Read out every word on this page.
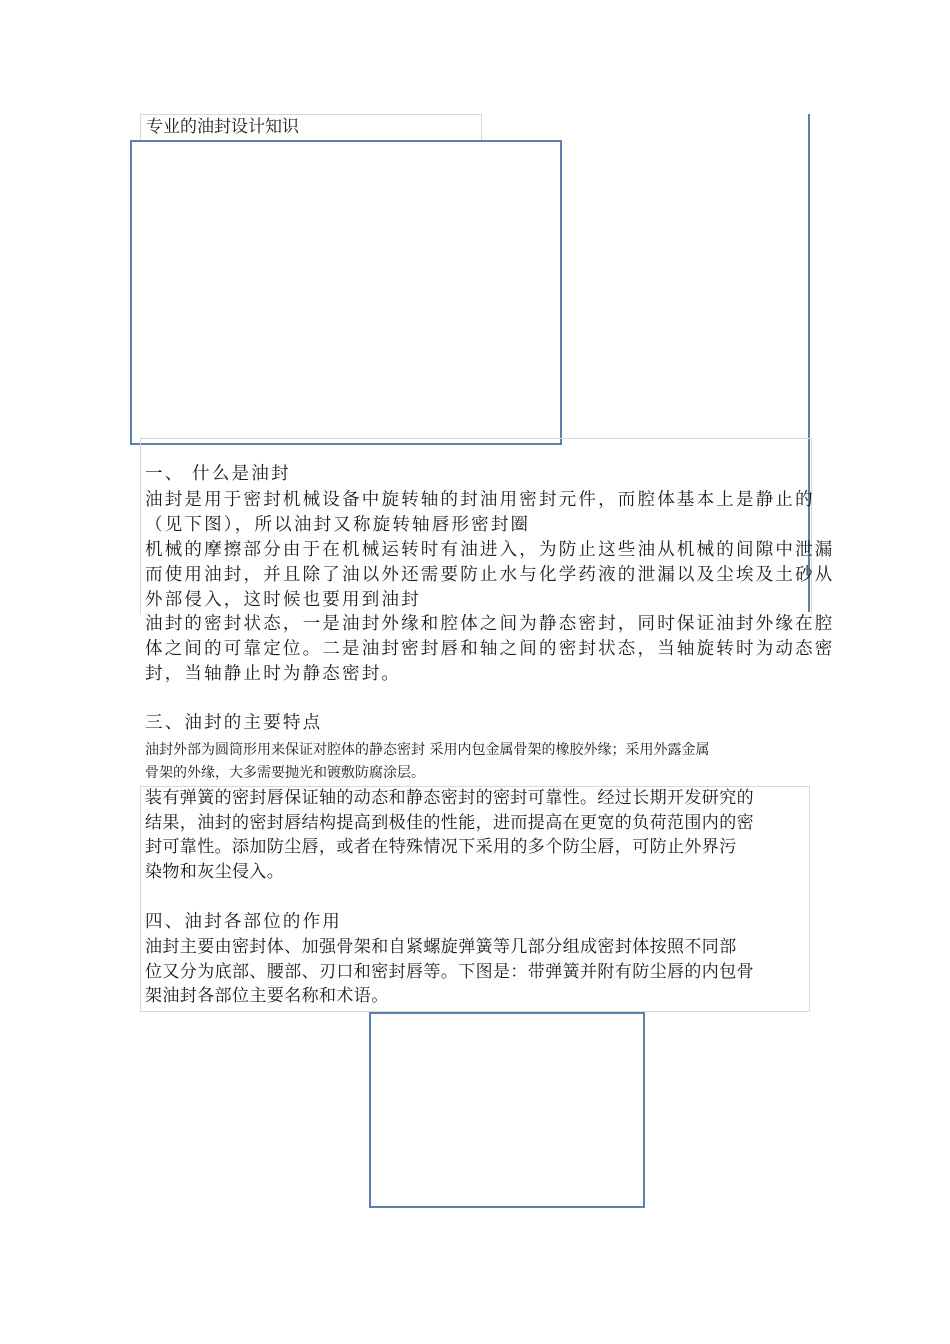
专业的油封设计知识
一、 什么是油封
油封是用于密封机械设备中旋转轴的封油用密封元件，而腔体基本上是静止的
（见下图），所以油封又称旋转轴唇形密封圈
机械的摩擦部分由于在机械运转时有油进入，为防止这些油从机械的间隙中泄漏
而使用油封，并且除了油以外还需要防止水与化学药液的泄漏以及尘埃及土砂从
外部侵入，这时候也要用到油封
油封的密封状态，一是油封外缘和腔体之间为静态密封，同时保证油封外缘在腔
体之间的可靠定位。二是油封密封唇和轴之间的密封状态，当轴旋转时为动态密
封，当轴静止时为静态密封。
三、油封的主要特点
油封外部为圆筒形用来保证对腔体的静态密封 采用内包金属骨架的橡胶外缘；采用外露金属
骨架的外缘，大多需要抛光和镀敷防腐涂层。
装有弹簧的密封唇保证轴的动态和静态密封的密封可靠性。经过长期开发研究的
结果，油封的密封唇结构提高到极佳的性能，进而提高在更宽的负荷范围内的密
封可靠性。添加防尘唇，或者在特殊情况下采用的多个防尘唇，可防止外界污
染物和灰尘侵入。
四、油封各部位的作用
油封主要由密封体、加强骨架和自紧螺旋弹簧等几部分组成密封体按照不同部
位又分为底部、腰部、刃口和密封唇等。下图是：带弹簧并附有防尘唇的内包骨
架油封各部位主要名称和术语。
